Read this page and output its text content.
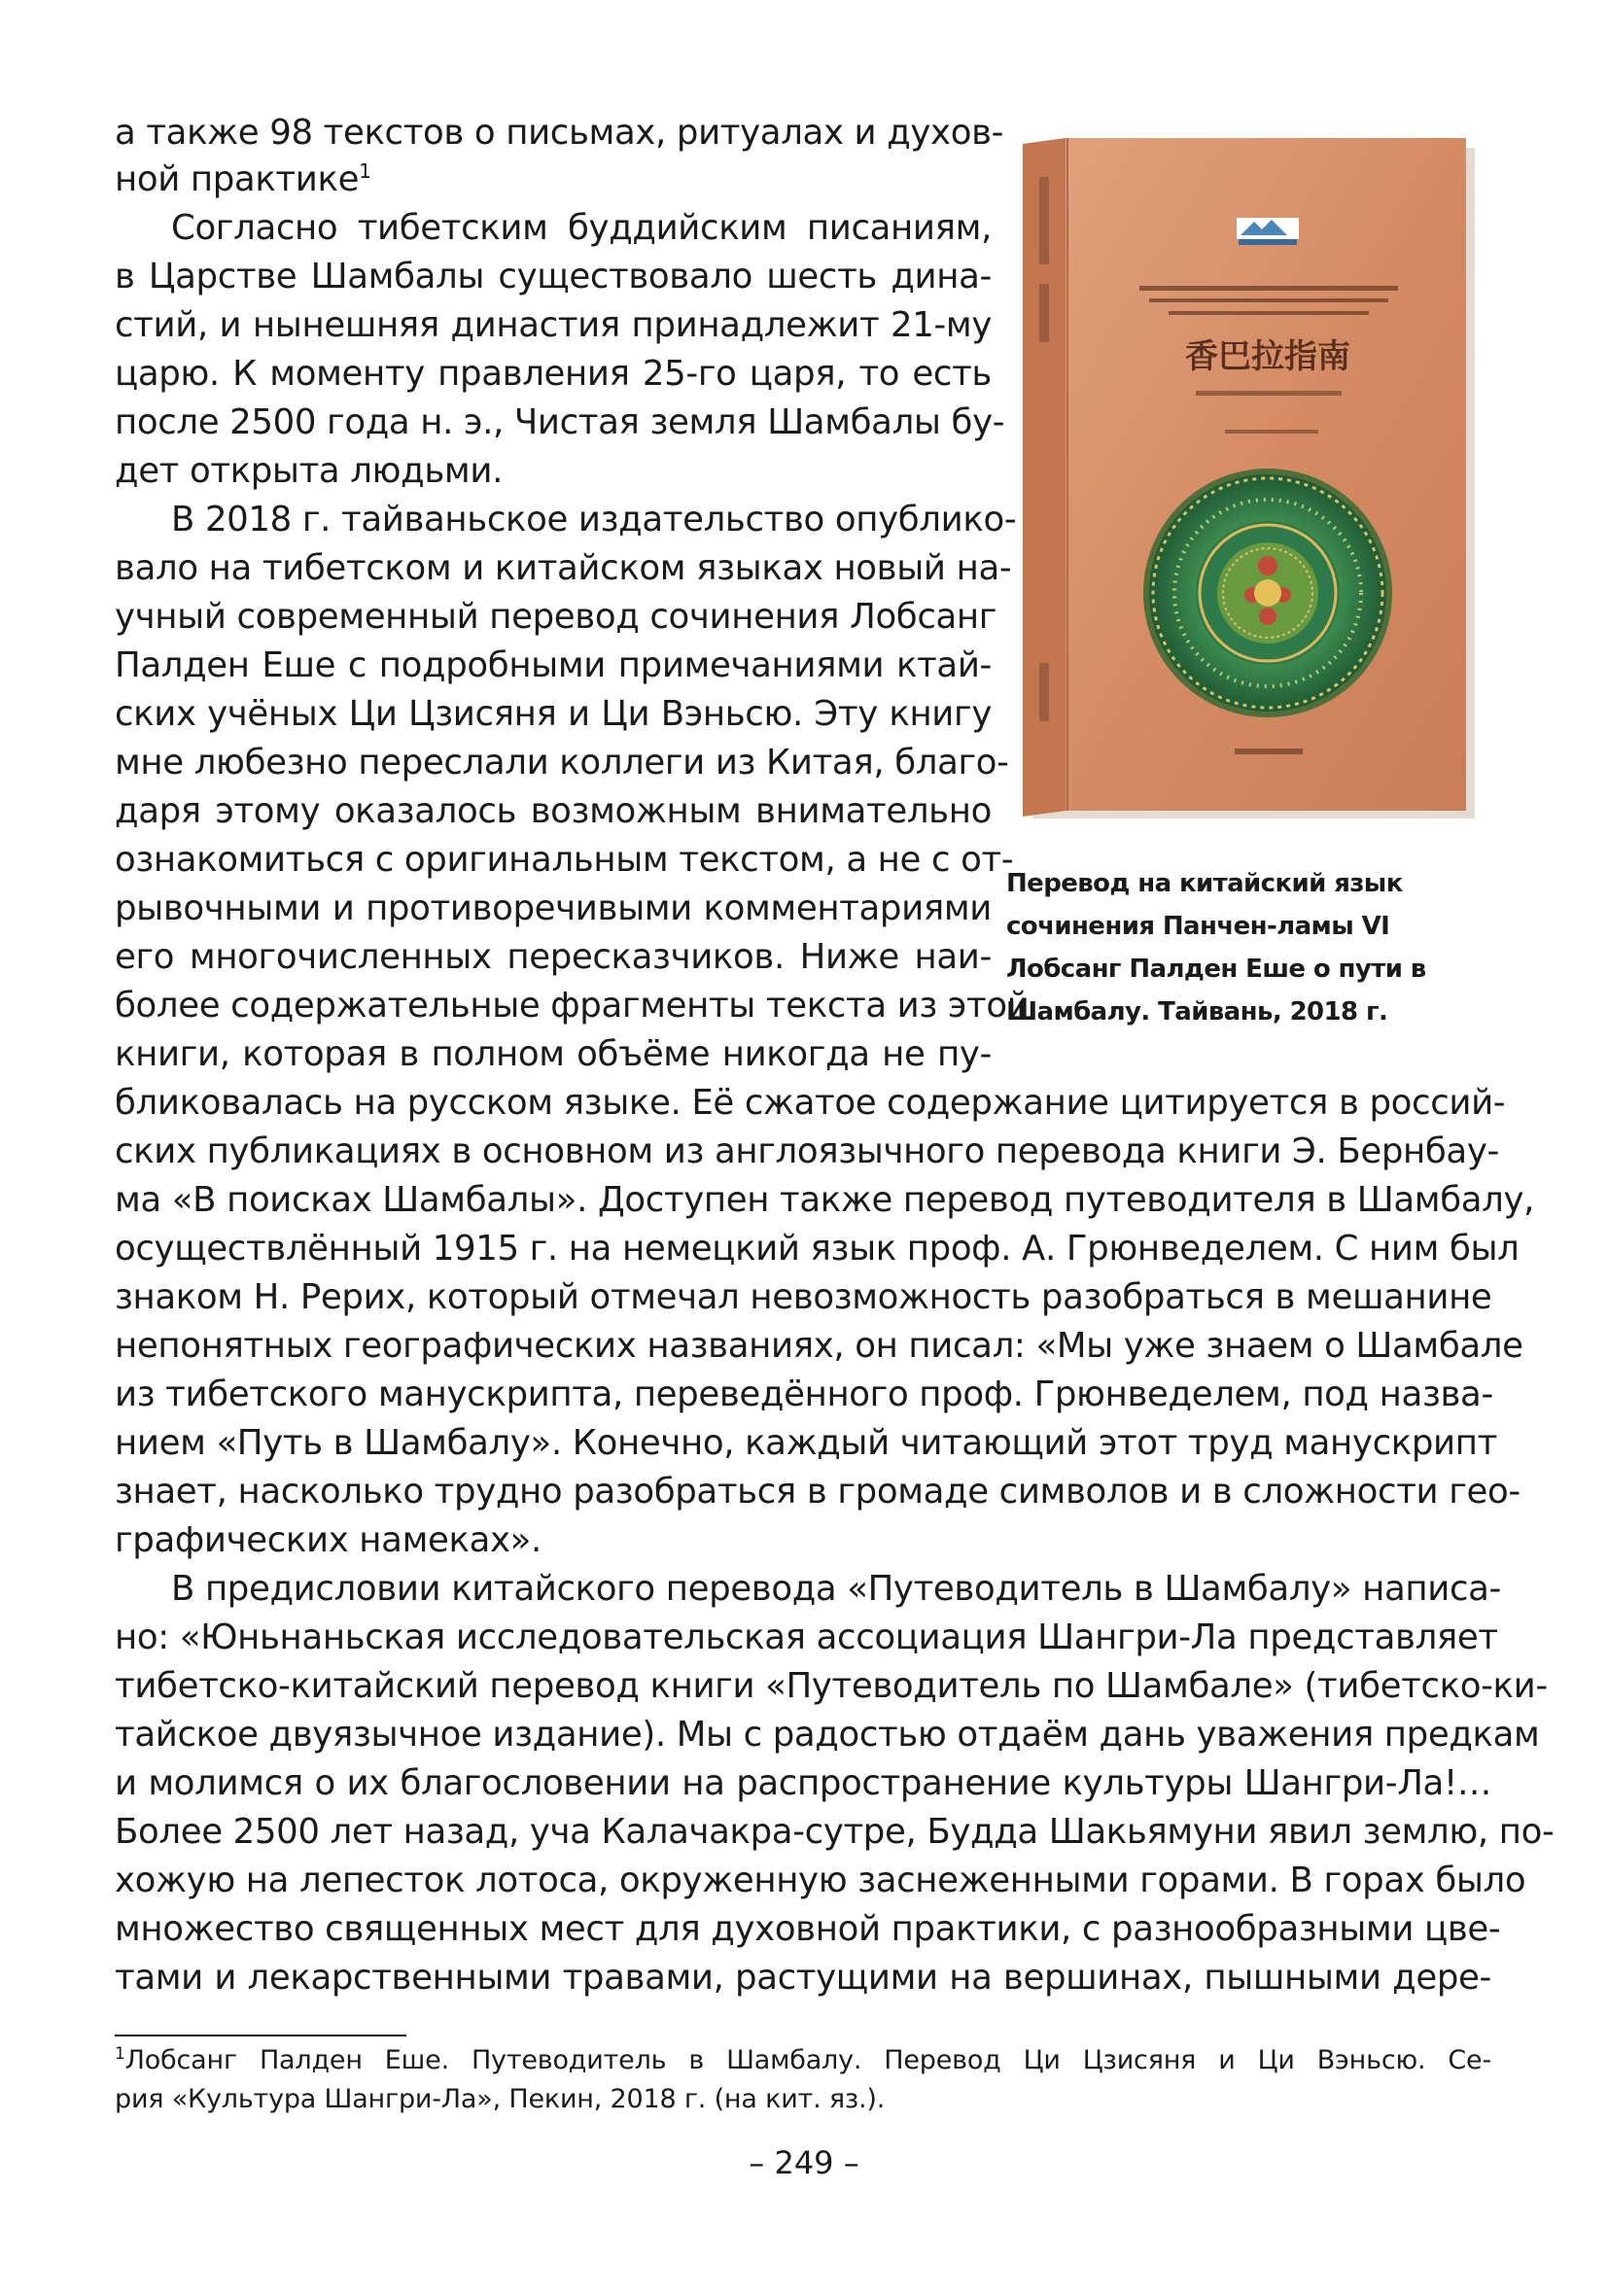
а также 98 текстов о письмах, ритуалах и духов-
ной практике$^1$
Согласно тибетским буддийским писаниям,
в Царстве Шамбалы существовало шесть дина-
стий, и нынешняя династия принадлежит 21-му
царю. К моменту правления 25-го царя, то есть
после 2500 года н. э., Чистая земля Шамбалы бу-
дет открыта людьми.
В 2018 г. тайваньское издательство опублико-
вало на тибетском и китайском языках новый на-
учный современный перевод сочинения Лобсанг
Палден Еше с подробными примечаниями ктай-
ских учёных Ци Цзисяня и Ци Вэньсю. Эту книгу
мне любезно переслали коллеги из Китая, благо-
даря этому оказалось возможным внимательно
ознакомиться с оригинальным текстом, а не с от-
рывочными и противоречивыми комментариями
его многочисленных пересказчиков. Ниже наи-
более содержательные фрагменты текста из этой
книги, которая в полном объёме никогда не пу-
бликовалась на русском языке. Её сжатое содержание цитируется в россий-
ских публикациях в основном из англоязычного перевода книги Э. Бернбау-
ма «В поисках Шамбалы». Доступен также перевод путеводителя в Шамбалу,
осуществлённый 1915 г. на немецкий язык проф. А. Грюнведелем. С ним был
знаком Н. Рерих, который отмечал невозможность разобраться в мешанине
непонятных географических названиях, он писал: «Мы уже знаем о Шамбале
из тибетского манускрипта, переведённого проф. Грюнведелем, под назва-
нием «Путь в Шамбалу». Конечно, каждый читающий этот труд манускрипт
знает, насколько трудно разобраться в громаде символов и в сложности гео-
графических намеках».
В предисловии китайского перевода «Путеводитель в Шамбалу» написа-
но: «Юньнаньская исследовательская ассоциация Шангри-Ла представляет
тибетско-китайский перевод книги «Путеводитель по Шамбале» (тибетско-ки-
тайское двуязычное издание). Мы с радостью отдаём дань уважения предкам
и молимся о их благословении на распространение культуры Шангри-Ла!…
Более 2500 лет назад, уча Калачакра-сутре, Будда Шакьямуни явил землю, по-
хожую на лепесток лотоса, окруженную заснеженными горами. В горах было
множество священных мест для духовной практики, с разнообразными цве-
тами и лекарственными травами, растущими на вершинах, пышными дере-
香巴拉指南
Перевод на китайский язык
сочинения Панчен-ламы VI
Лобсанг Палден Еше о пути в
Шамбалу. Тайвань, 2018 г.
$^1$Лобсанг Палден Еше. Путеводитель в Шамбалу. Перевод Ци Цзисяня и Ци Вэньсю. Се-
рия «Культура Шангри-Ла», Пекин, 2018 г. (на кит. яз.).
– 249 –
